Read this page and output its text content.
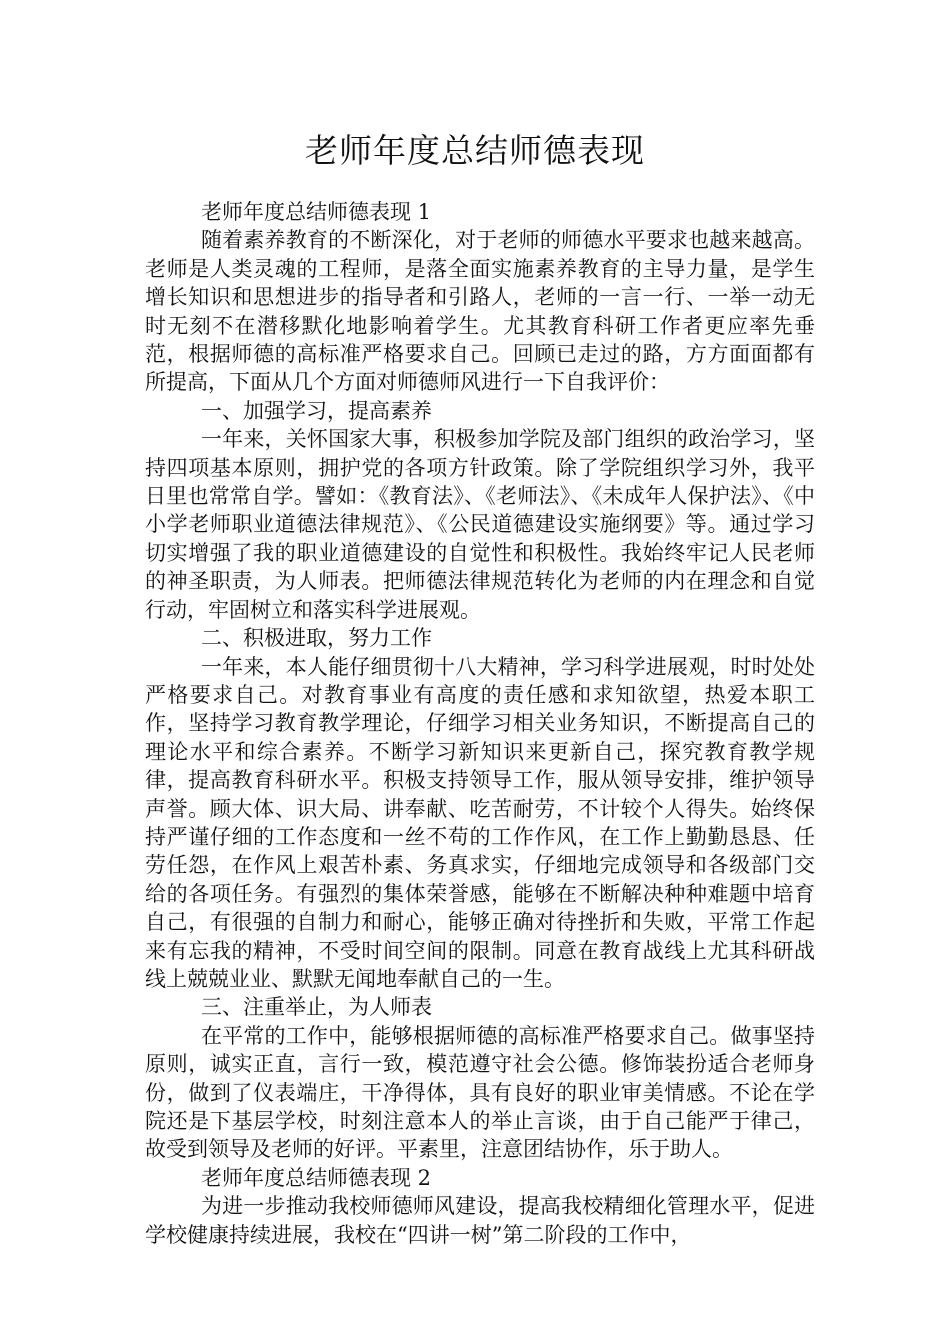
老师年度总结师德表现

老师年度总结师德表现 1

随着素养教育的不断深化，对于老师的师德水平要求也越来越高。老师是人类灵魂的工程师，是落全面实施素养教育的主导力量，是学生增长知识和思想进步的指导者和引路人，老师的一言一行、一举一动无时无刻不在潜移默化地影响着学生。尤其教育科研工作者更应率先垂范，根据师德的高标准严格要求自己。回顾已走过的路，方方面面都有所提高，下面从几个方面对师德师风进行一下自我评价：

一、加强学习，提高素养

一年来，关怀国家大事，积极参加学院及部门组织的政治学习，坚持四项基本原则，拥护党的各项方针政策。除了学院组织学习外，我平日里也常常自学。譬如：《教育法》、《老师法》、《未成年人保护法》、《中小学老师职业道德法律规范》、《公民道德建设实施纲要》等。通过学习切实增强了我的职业道德建设的自觉性和积极性。我始终牢记人民老师的神圣职责，为人师表。把师德法律规范转化为老师的内在理念和自觉行动，牢固树立和落实科学进展观。

二、积极进取，努力工作

一年来，本人能仔细贯彻十八大精神，学习科学进展观，时时处处严格要求自己。对教育事业有高度的责任感和求知欲望，热爱本职工作，坚持学习教育教学理论，仔细学习相关业务知识，不断提高自己的理论水平和综合素养。不断学习新知识来更新自己，探究教育教学规律，提高教育科研水平。积极支持领导工作，服从领导安排，维护领导声誉。顾大体、识大局、讲奉献、吃苦耐劳，不计较个人得失。始终保持严谨仔细的工作态度和一丝不苟的工作作风，在工作上勤勤恳恳、任劳任怨，在作风上艰苦朴素、务真求实，仔细地完成领导和各级部门交给的各项任务。有强烈的集体荣誉感，能够在不断解决种种难题中培育自己，有很强的自制力和耐心，能够正确对待挫折和失败，平常工作起来有忘我的精神，不受时间空间的限制。同意在教育战线上尤其科研战线上兢兢业业、默默无闻地奉献自己的一生。

三、注重举止，为人师表

在平常的工作中，能够根据师德的高标准严格要求自己。做事坚持原则，诚实正直，言行一致，模范遵守社会公德。修饰装扮适合老师身份，做到了仪表端庄，干净得体，具有良好的职业审美情感。不论在学院还是下基层学校，时刻注意本人的举止言谈，由于自己能严于律己，故受到领导及老师的好评。平素里，注意团结协作，乐于助人。

老师年度总结师德表现 2

为进一步推动我校师德师风建设，提高我校精细化管理水平，促进学校健康持续进展，我校在“四讲一树”第二阶段的工作中，
